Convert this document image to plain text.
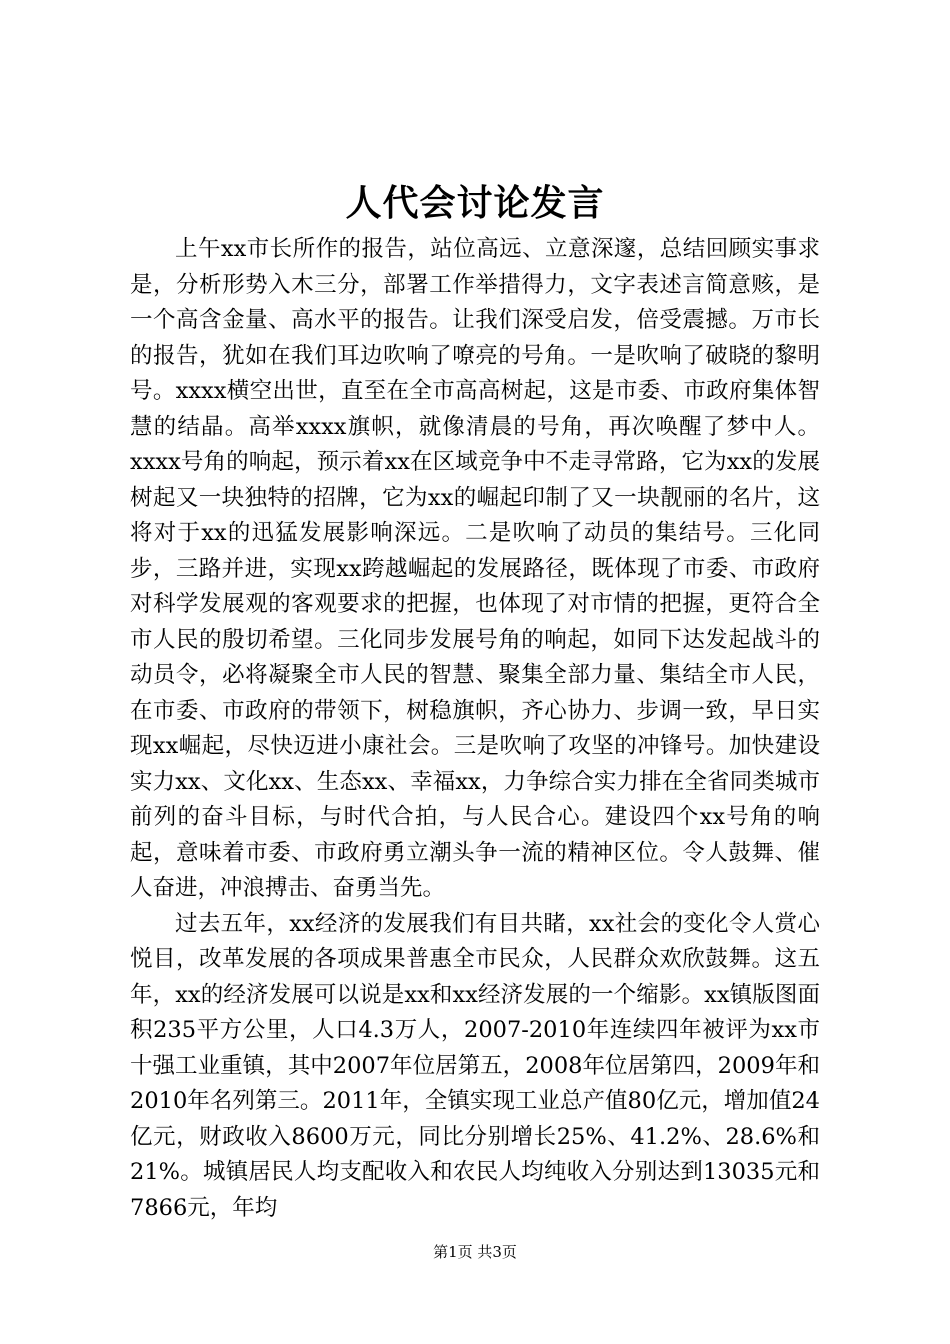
人代会讨论发言

上午xx市长所作的报告，站位高远、立意深邃，总结回顾实事求是，分析形势入木三分，部署工作举措得力，文字表述言简意赅，是一个高含金量、高水平的报告。让我们深受启发，倍受震撼。万市长的报告，犹如在我们耳边吹响了嘹亮的号角。一是吹响了破晓的黎明号。xxxx横空出世，直至在全市高高树起，这是市委、市政府集体智慧的结晶。高举xxxx旗帜，就像清晨的号角，再次唤醒了梦中人。xxxx号角的响起，预示着xx在区域竞争中不走寻常路，它为xx的发展树起又一块独特的招牌，它为xx的崛起印制了又一块靓丽的名片，这将对于xx的迅猛发展影响深远。二是吹响了动员的集结号。三化同步，三路并进，实现xx跨越崛起的发展路径，既体现了市委、市政府对科学发展观的客观要求的把握，也体现了对市情的把握，更符合全市人民的殷切希望。三化同步发展号角的响起，如同下达发起战斗的动员令，必将凝聚全市人民的智慧、聚集全部力量、集结全市人民，在市委、市政府的带领下，树稳旗帜，齐心协力、步调一致，早日实现xx崛起，尽快迈进小康社会。三是吹响了攻坚的冲锋号。加快建设实力xx、文化xx、生态xx、幸福xx，力争综合实力排在全省同类城市前列的奋斗目标，与时代合拍，与人民合心。建设四个xx号角的响起，意味着市委、市政府勇立潮头争一流的精神区位。令人鼓舞、催人奋进，冲浪搏击、奋勇当先。

过去五年，xx经济的发展我们有目共睹，xx社会的变化令人赏心悦目，改革发展的各项成果普惠全市民众，人民群众欢欣鼓舞。这五年，xx的经济发展可以说是xx和xx经济发展的一个缩影。xx镇版图面积235平方公里，人口4.3万人，2007-2010年连续四年被评为xx市十强工业重镇，其中2007年位居第五，2008年位居第四，2009年和2010年名列第三。2011年，全镇实现工业总产值80亿元，增加值24亿元，财政收入8600万元，同比分别增长25%、41.2%、28.6%和21%。城镇居民人均支配收入和农民人均纯收入分别达到13035元和7866元，年均

第1页 共3页
